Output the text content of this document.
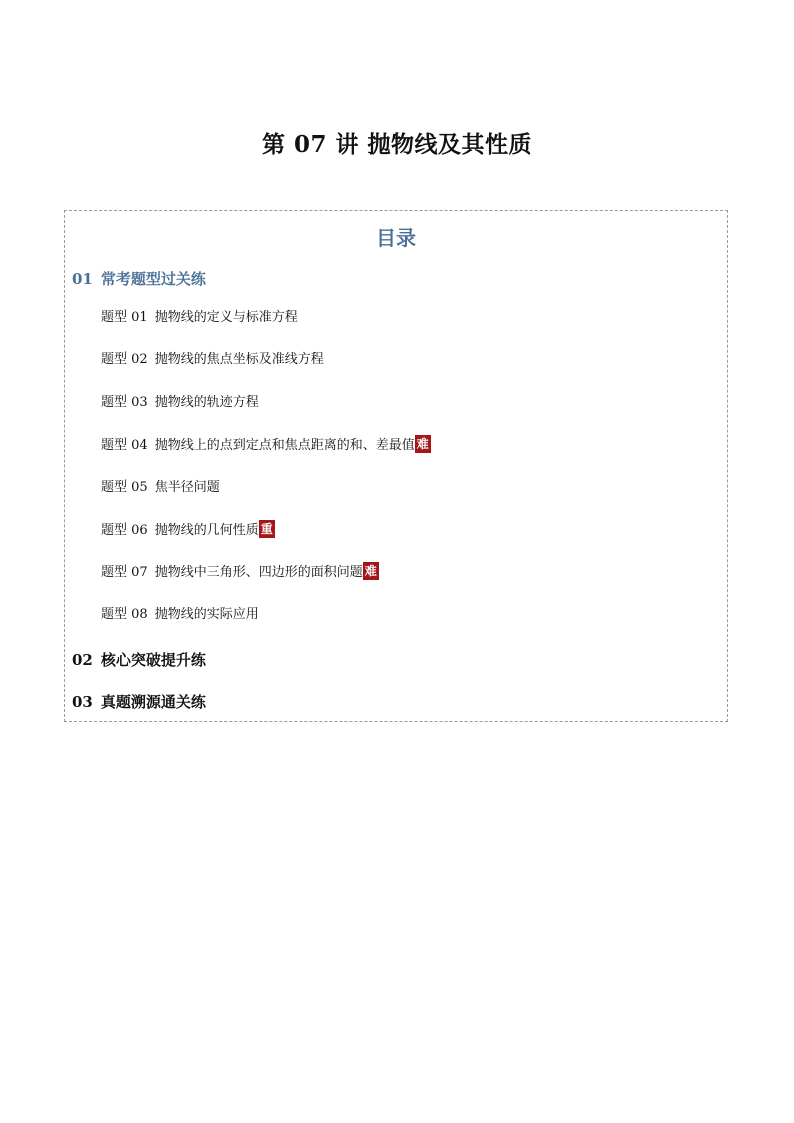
第 07 讲 抛物线及其性质
目录
01 常考题型过关练
题型 01 抛物线的定义与标准方程
题型 02 抛物线的焦点坐标及准线方程
题型 03 抛物线的轨迹方程
题型 04 抛物线上的点到定点和焦点距离的和、差最值 难
题型 05 焦半径问题
题型 06 抛物线的几何性质 重
题型 07 抛物线中三角形、四边形的面积问题 难
题型 08 抛物线的实际应用
02 核心突破提升练
03 真题溯源通关练
